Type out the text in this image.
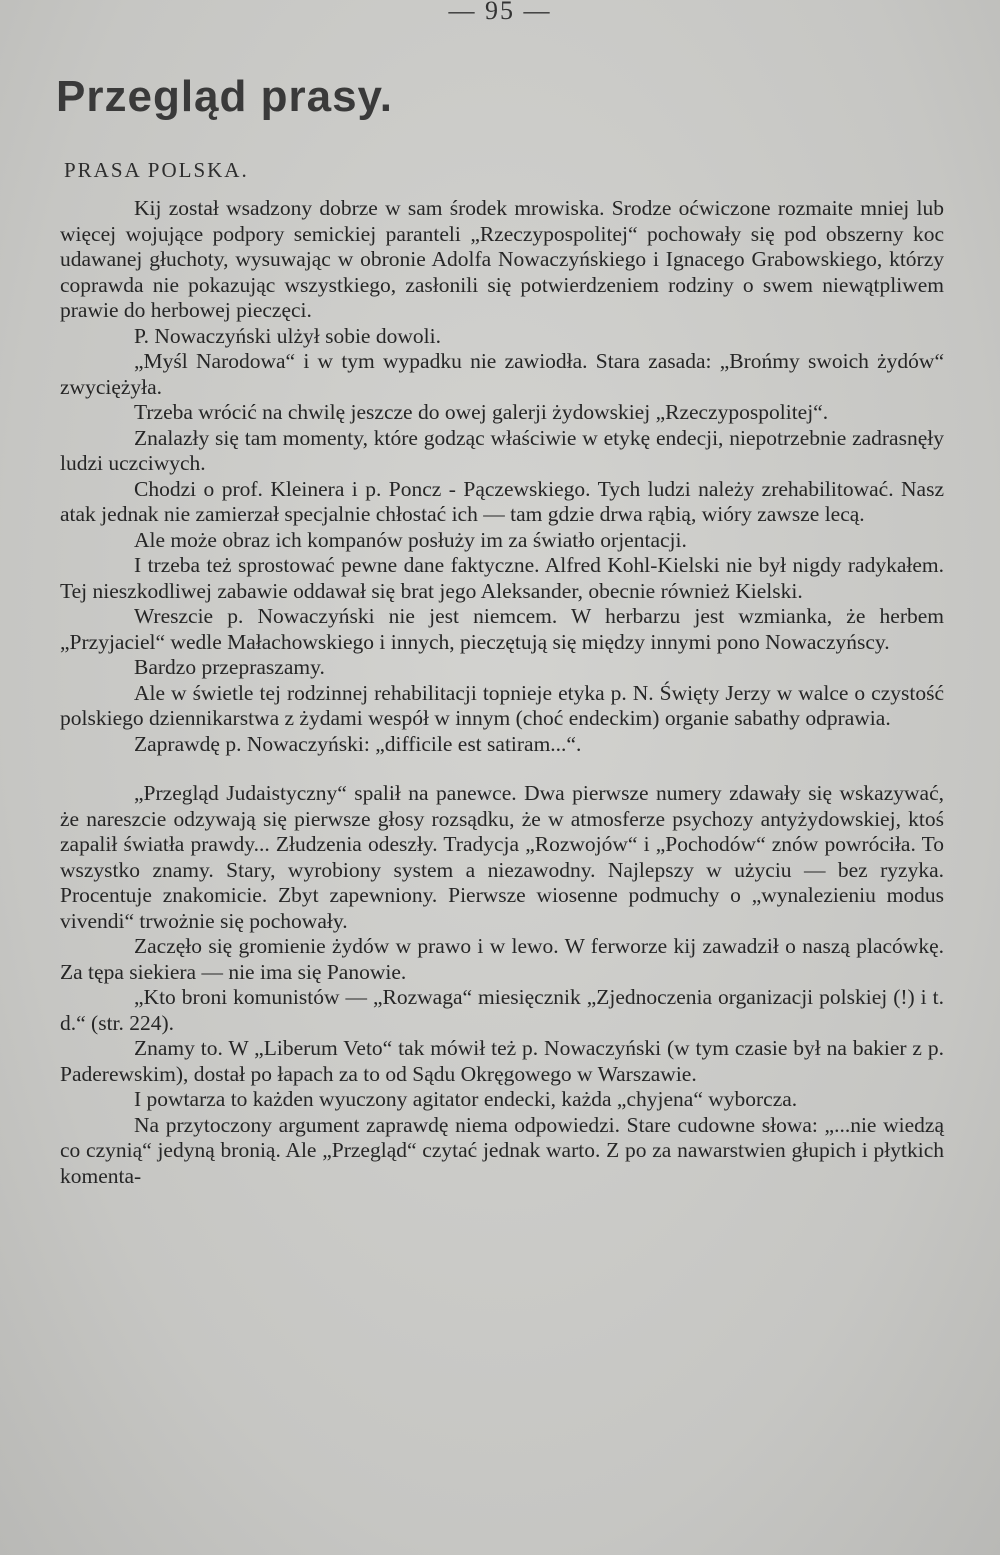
— 95 —
Przegląd prasy.
PRASA POLSKA.

Kij został wsadzony dobrze w sam środek mrowiska. Srodze oćwiczone rozmaite mniej lub więcej wojujące podpory semickiej paranteli „Rzeczypospolitej“ pochowały się pod obszerny koc udawanej głuchoty, wysuwając w obronie Adolfa Nowaczyńskiego i Ignacego Grabowskiego, którzy coprawda nie pokazując wszystkiego, zasłonili się potwierdzeniem rodziny o swem niewątpliwem prawie do herbowej pieczęci.

P. Nowaczyński ulżył sobie dowoli.

„Myśl Narodowa“ i w tym wypadku nie zawiodła. Stara zasada: „Brońmy swoich żydów“ zwyciężyła.

Trzeba wrócić na chwilę jeszcze do owej galerji żydowskiej „Rzeczypospolitej“.

Znalazły się tam momenty, które godząc właściwie w etykę endecji, niepotrzebnie zadrasnęły ludzi uczciwych.

Chodzi o prof. Kleinera i p. Poncz - Pączewskiego. Tych ludzi należy zrehabilitować. Nasz atak jednak nie zamierzał specjalnie chłostać ich — tam gdzie drwa rąbią, wióry zawsze lecą.

Ale może obraz ich kompanów posłuży im za światło orjentacji.

I trzeba też sprostować pewne dane faktyczne. Alfred Kohl-Kielski nie był nigdy radykałem. Tej nieszkodliwej zabawie oddawał się brat jego Aleksander, obecnie również Kielski.

Wreszcie p. Nowaczyński nie jest niemcem. W herbarzu jest wzmianka, że herbem „Przyjaciel“ wedle Małachowskiego i innych, pieczętują się między innymi pono Nowaczyńscy.

Bardzo przepraszamy.

Ale w świetle tej rodzinnej rehabilitacji topnieje etyka p. N. Święty Jerzy w walce o czystość polskiego dziennikarstwa z żydami wespół w innym (choć endeckim) organie sabathy odprawia.

Zaprawdę p. Nowaczyński: „difficile est satiram...“.

„Przegląd Judaistyczny“ spalił na panewce. Dwa pierwsze numery zdawały się wskazywać, że nareszcie odzywają się pierwsze głosy rozsądku, że w atmosferze psychozy antyżydowskiej, ktoś zapalił światła prawdy... Złudzenia odeszły. Tradycja „Rozwojów“ i „Pochodów“ znów powróciła. To wszystko znamy. Stary, wyrobiony system a niezawodny. Najlepszy w użyciu — bez ryzyka. Procentuje znakomicie. Zbyt zapewniony. Pierwsze wiosenne podmuchy o „wynalezieniu modus vivendi“ trwożnie się pochowały.

Zaczęło się gromienie żydów w prawo i w lewo. W ferworze kij zawadził o naszą placówkę. Za tępa siekiera — nie ima się Panowie.

„Kto broni komunistów — „Rozwaga“ miesięcznik „Zjednoczenia organizacji polskiej (!) i t. d.“ (str. 224).

Znamy to. W „Liberum Veto“ tak mówił też p. Nowaczyński (w tym czasie był na bakier z p. Paderewskim), dostał po łapach za to od Sądu Okręgowego w Warszawie.

I powtarza to każden wyuczony agitator endecki, każda „chyjena“ wyborcza.

Na przytoczony argument zaprawdę niema odpowiedzi. Stare cudowne słowa: „...nie wiedzą co czynią“ jedyną bronią. Ale „Przegląd“ czytać jednak warto. Z po za nawarstwien głupich i płytkich komenta-
